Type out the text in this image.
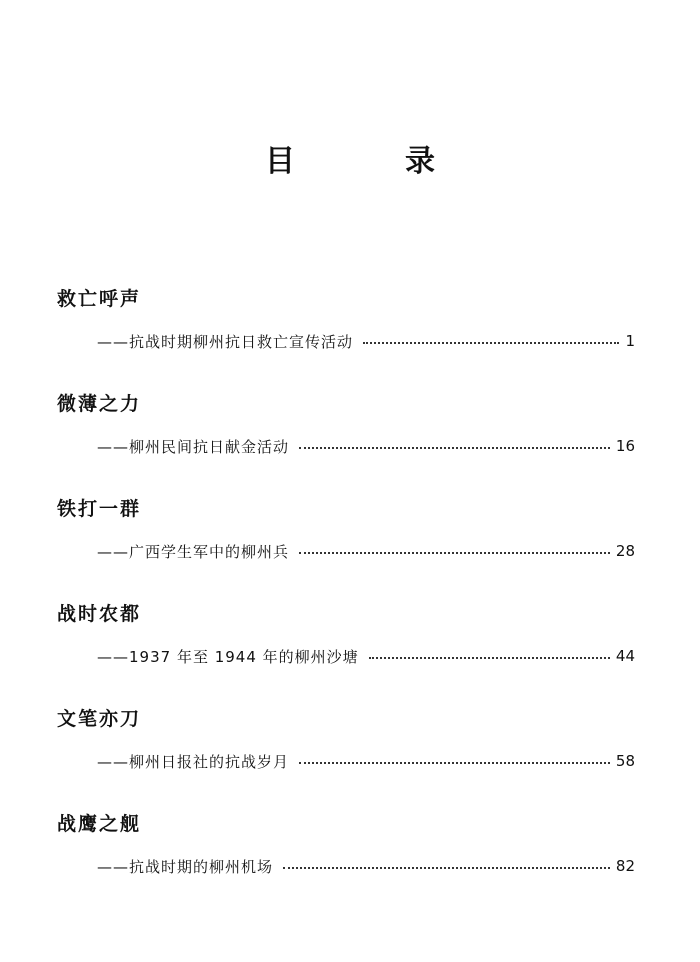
目　录
救亡呼声
——抗战时期柳州抗日救亡宣传活动	1
微薄之力
——柳州民间抗日献金活动	16
铁打一群
——广西学生军中的柳州兵	28
战时农都
——1937 年至 1944 年的柳州沙塘	44
文笔亦刀
——柳州日报社的抗战岁月	58
战鹰之舰
——抗战时期的柳州机场	82
